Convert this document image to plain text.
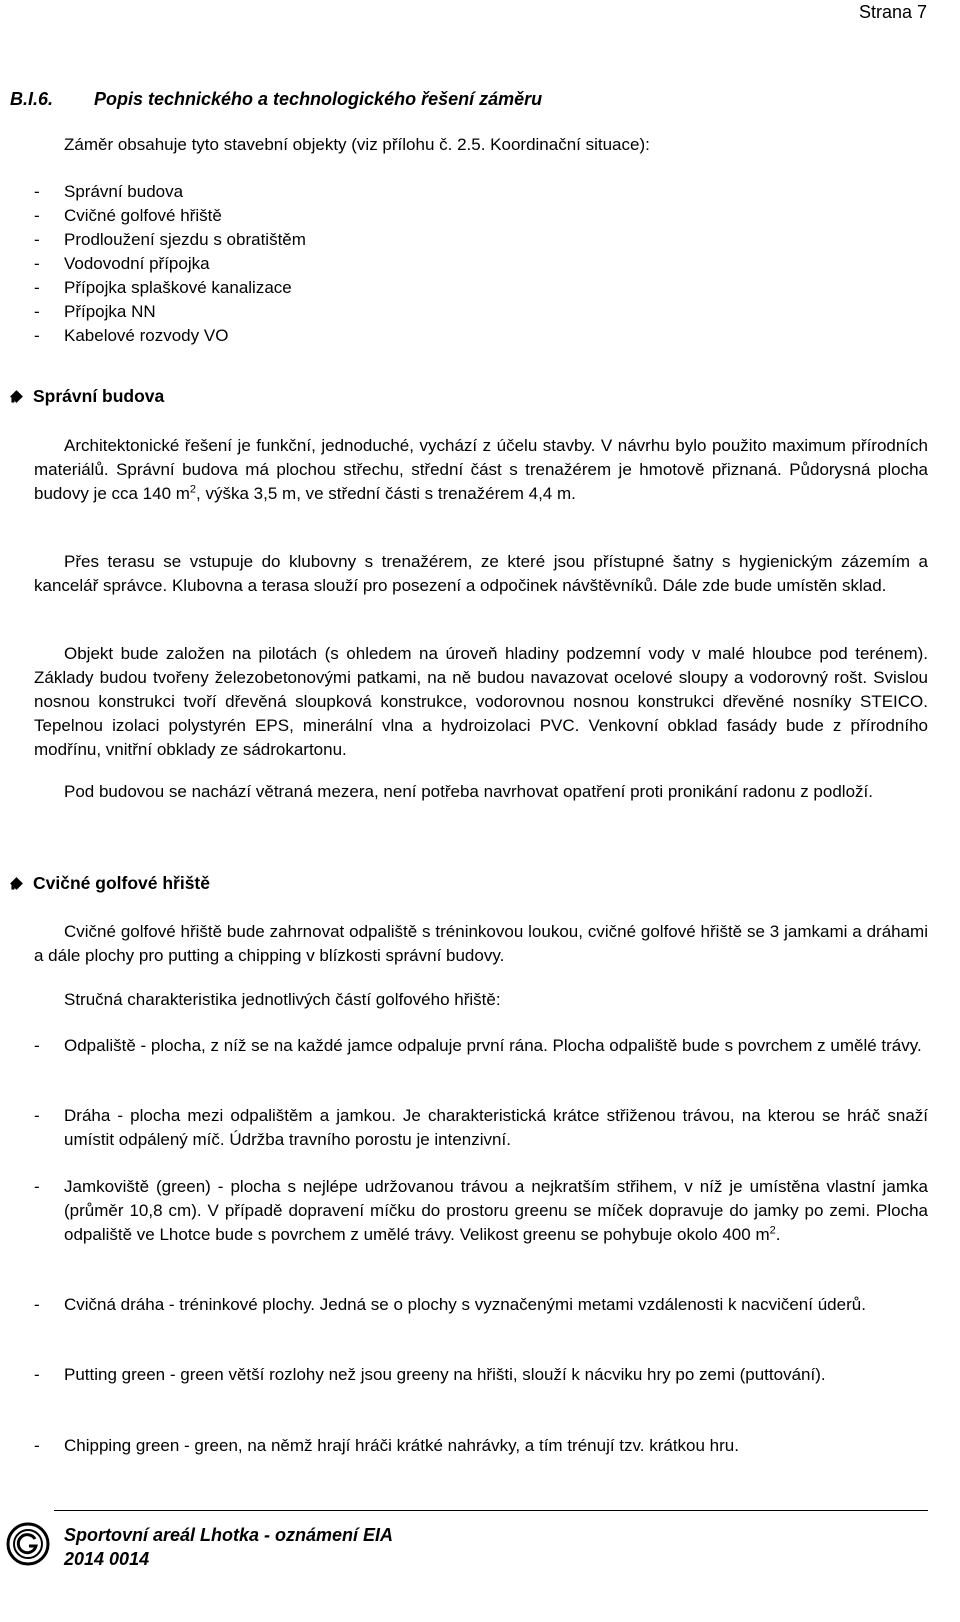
Strana 7
B.I.6. Popis technického a technologického řešení záměru
Záměr obsahuje tyto stavební objekty (viz přílohu č. 2.5. Koordinační situace):
-	Správní budova
-	Cvičné golfové hřiště
-	Prodloužení sjezdu s obratištěm
-	Vodovodní přípojka
-	Přípojka splaškové kanalizace
-	Přípojka NN
-	Kabelové rozvody VO
Správní budova

Architektonické řešení je funkční, jednoduché, vychází z účelu stavby. V návrhu bylo použito maximum přírodních materiálů. Správní budova má plochou střechu, střední část s trenažérem je hmotově přiznaná. Půdorysná plocha budovy je cca 140 $m^2$, výška 3,5 m, ve střední části s trenažérem 4,4 m.

Přes terasu se vstupuje do klubovny s trenažérem, ze které jsou přístupné šatny s hygienickým zázemím a kancelář správce. Klubovna a terasa slouží pro posezení a odpočinek návštěvníků. Dále zde bude umístěn sklad.

Objekt bude založen na pilotách (s ohledem na úroveň hladiny podzemní vody v malé hloubce pod terénem). Základy budou tvořeny železobetonovými patkami, na ně budou navazovat ocelové sloupy a vodorovný rošt. Svislou nosnou konstrukci tvoří dřevěná sloupková konstrukce, vodorovnou nosnou konstrukci dřevěné nosníky STEICO. Tepelnou izolaci polystyrén EPS, minerální vlna a hydroizolaci PVC. Venkovní obklad fasády bude z přírodního modřínu, vnitřní obklady ze sádrokartonu.

Pod budovou se nachází větraná mezera, není potřeba navrhovat opatření proti pronikání radonu z podloží.

Cvičné golfové hřiště

Cvičné golfové hřiště bude zahrnovat odpaliště s tréninkovou loukou, cvičné golfové hřiště se 3 jamkami a dráhami a dále plochy pro putting a chipping v blízkosti správní budovy.

Stručná charakteristika jednotlivých částí golfového hřiště:

-	Odpaliště - plocha, z níž se na každé jamce odpaluje první rána. Plocha odpaliště bude s povrchem z umělé trávy.
-	Dráha - plocha mezi odpalištěm a jamkou. Je charakteristická krátce střiženou trávou, na kterou se hráč snaží umístit odpálený míč. Údržba travního porostu je intenzivní.
-	Jamkoviště (green) - plocha s nejlépe udržovanou trávou a nejkratším střihem, v níž je umístěna vlastní jamka (průměr 10,8 cm). V případě dopravení míčku do prostoru greenu se míček dopravuje do jamky po zemi. Plocha odpaliště ve Lhotce bude s povrchem z umělé trávy. Velikost greenu se pohybuje okolo 400 $m^2$.
-	Cvičná dráha - tréninkové plochy. Jedná se o plochy s vyznačenými metami vzdálenosti k nacvičení úderů.
-	Putting green - green větší rozlohy než jsou greeny na hřišti, slouží k nácviku hry po zemi (puttování).
-	Chipping green - green, na němž hrají hráči krátké nahrávky, a tím trénují tzv. krátkou hru.
Sportovní areál Lhotka - oznámení EIA
2014 0014
